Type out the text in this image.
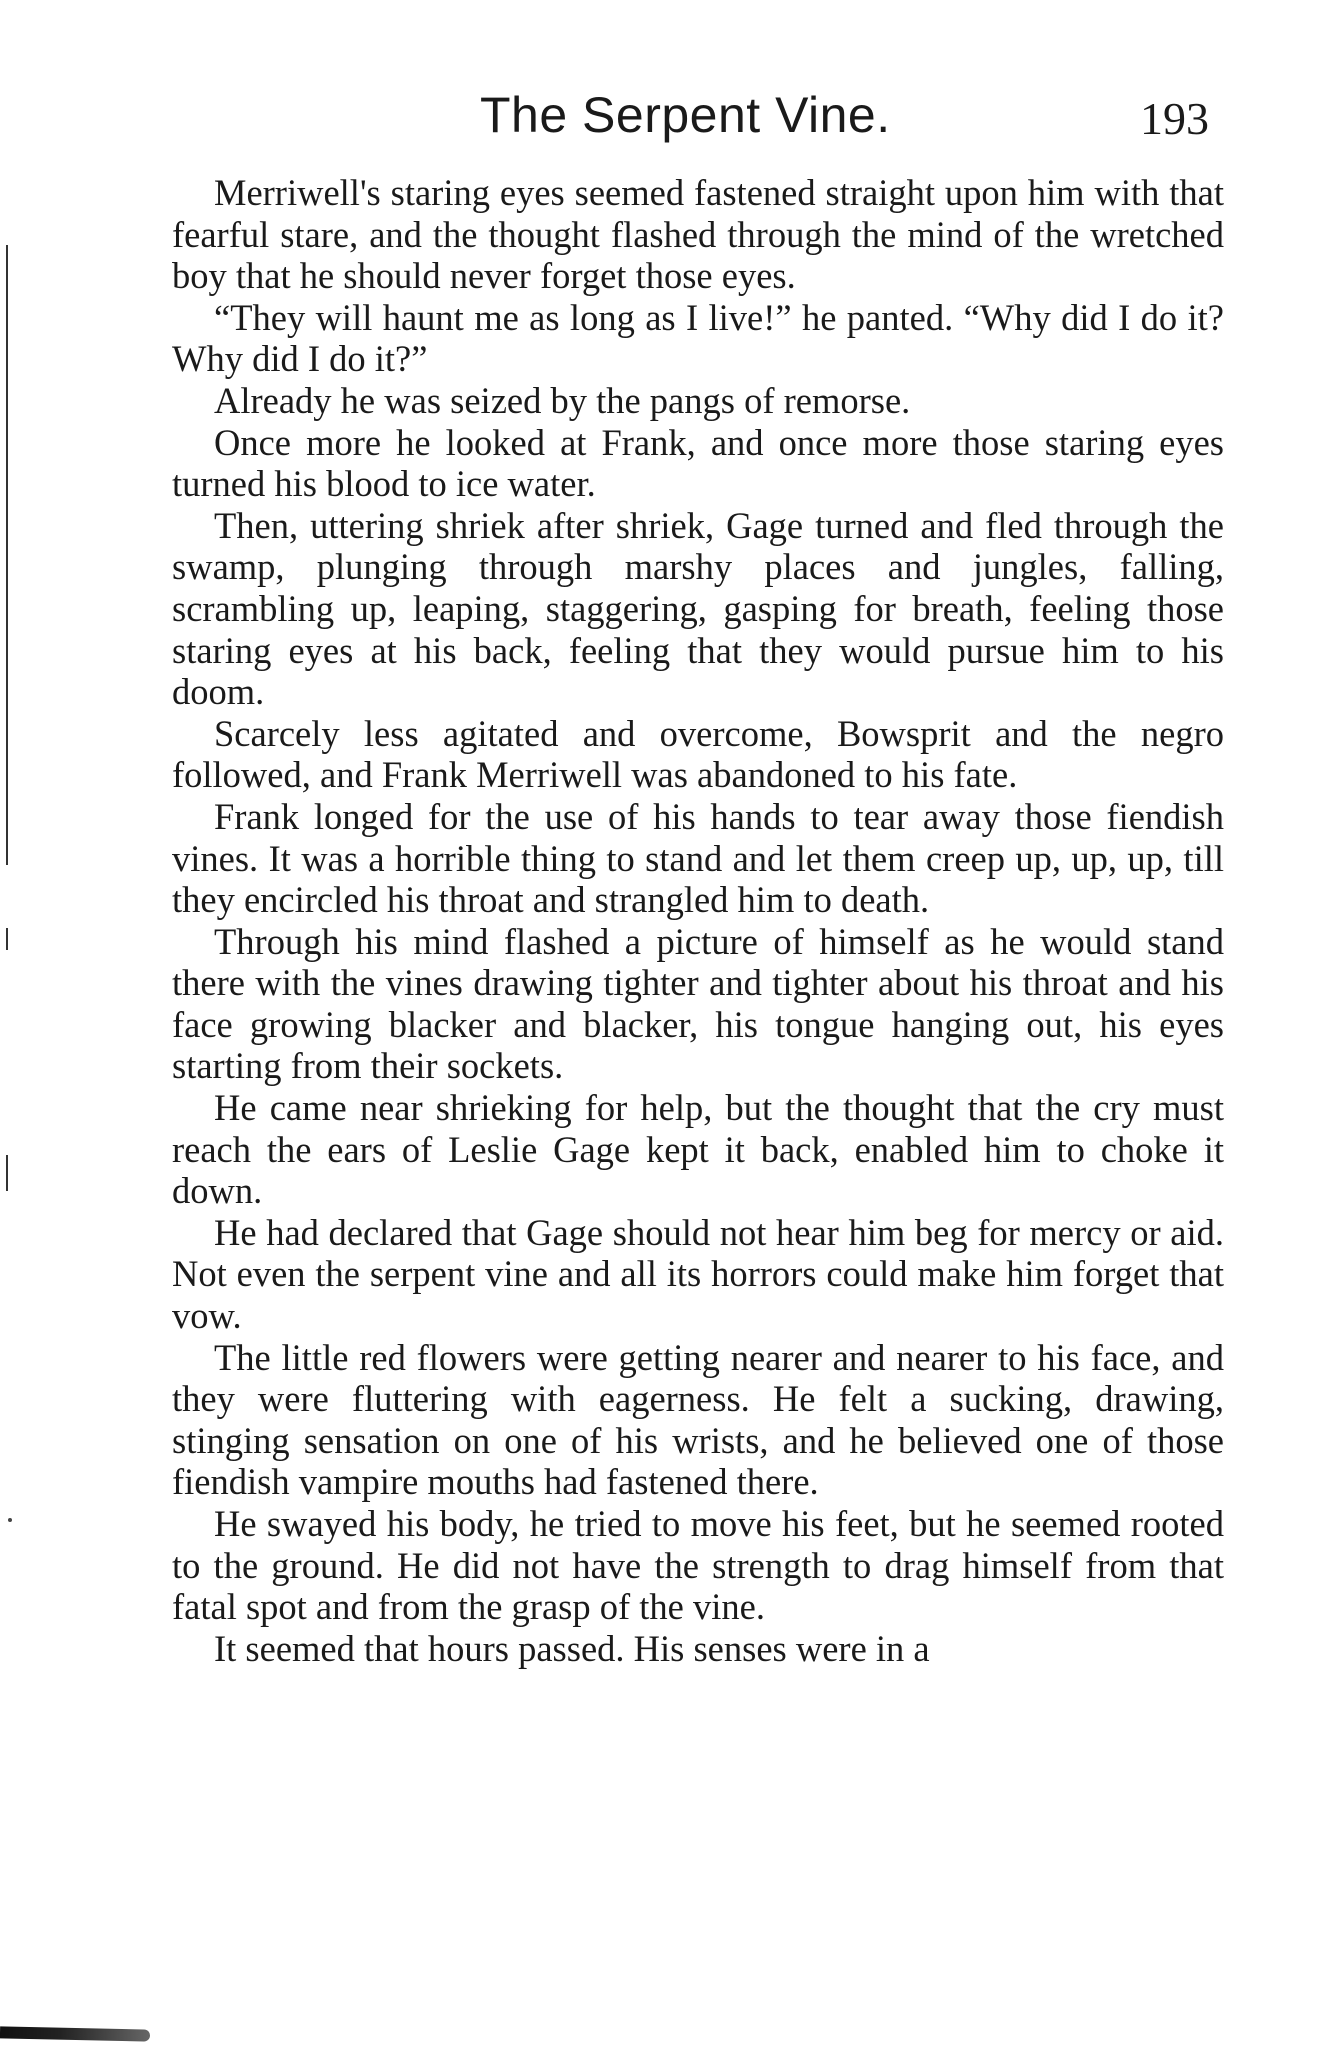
The Serpent Vine.	193

Merriwell's staring eyes seemed fastened straight upon him with that fearful stare, and the thought flashed through the mind of the wretched boy that he should never forget those eyes.

“They will haunt me as long as I live!” he panted. “Why did I do it? Why did I do it?”

Already he was seized by the pangs of remorse.

Once more he looked at Frank, and once more those staring eyes turned his blood to ice water.

Then, uttering shriek after shriek, Gage turned and fled through the swamp, plunging through marshy places and jungles, falling, scrambling up, leaping, staggering, gasping for breath, feeling those staring eyes at his back, feeling that they would pursue him to his doom.

Scarcely less agitated and overcome, Bowsprit and the negro followed, and Frank Merriwell was abandoned to his fate.

Frank longed for the use of his hands to tear away those fiendish vines. It was a horrible thing to stand and let them creep up, up, up, till they encircled his throat and strangled him to death.

Through his mind flashed a picture of himself as he would stand there with the vines drawing tighter and tighter about his throat and his face growing blacker and blacker, his tongue hanging out, his eyes starting from their sockets.

He came near shrieking for help, but the thought that the cry must reach the ears of Leslie Gage kept it back, enabled him to choke it down.

He had declared that Gage should not hear him beg for mercy or aid. Not even the serpent vine and all its horrors could make him forget that vow.

The little red flowers were getting nearer and nearer to his face, and they were fluttering with eagerness. He felt a sucking, drawing, stinging sensation on one of his wrists, and he believed one of those fiendish vampire mouths had fastened there.

He swayed his body, he tried to move his feet, but he seemed rooted to the ground. He did not have the strength to drag himself from that fatal spot and from the grasp of the vine.

It seemed that hours passed. His senses were in a
